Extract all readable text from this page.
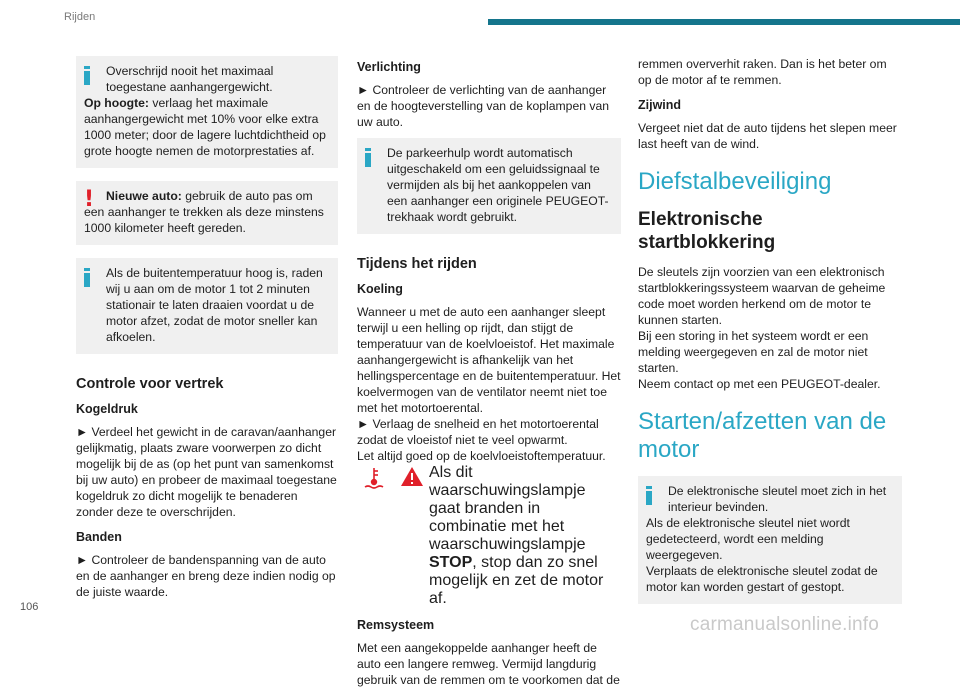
Rijden
Overschrijd nooit het maximaal toegestane aanhangergewicht.
Op hoogte: verlaag het maximale aanhangergewicht met 10% voor elke extra 1000 meter; door de lagere luchtdichtheid op grote hoogte nemen de motorprestaties af.
! Nieuwe auto: gebruik de auto pas om een aanhanger te trekken als deze minstens 1000 kilometer heeft gereden.
Als de buitentemperatuur hoog is, raden wij u aan om de motor 1 tot 2 minuten stationair te laten draaien voordat u de motor afzet, zodat de motor sneller kan afkoelen.
Controle voor vertrek
Kogeldruk

► Verdeel het gewicht in de caravan/aanhanger gelijkmatig, plaats zware voorwerpen zo dicht mogelijk bij de as (op het punt van samenkomst bij uw auto) en probeer de maximaal toegestane kogeldruk zo dicht mogelijk te benaderen zonder deze te overschrijden.

Banden

► Controleer de bandenspanning van de auto en de aanhanger en breng deze indien nodig op de juiste waarde.

Verlichting

► Controleer de verlichting van de aanhanger en de hoogteverstelling van de koplampen van uw auto.

De parkeerhulp wordt automatisch uitgeschakeld om een geluidssignaal te vermijden als bij het aankoppelen van een aanhanger een originele PEUGEOT-trekhaak wordt gebruikt.
Tijdens het rijden
Koeling

Wanneer u met de auto een aanhanger sleept terwijl u een helling op rijdt, dan stijgt de temperatuur van de koelvloeistof. Het maximale aanhangergewicht is afhankelijk van het hellingspercentage en de buitentemperatuur. Het koelvermogen van de ventilator neemt niet toe met het motortoerental.

► Verlaag de snelheid en het motortoerental zodat de vloeistof niet te veel opwarmt.

Let altijd goed op de koelvloeistoftemperatuur.

Als dit waarschuwingslampje gaat branden in combinatie met het waarschuwingslampje STOP, stop dan zo snel mogelijk en zet de motor af.
Remsysteem

Met een aangekoppelde aanhanger heeft de auto een langere remweg. Vermijd langdurig gebruik van de remmen om te voorkomen dat de

remmen oververhit raken. Dan is het beter om op de motor af te remmen.

Zijwind

Vergeet niet dat de auto tijdens het slepen meer last heeft van de wind.

Diefstalbeveiliging
Elektronische startblokkering

De sleutels zijn voorzien van een elektronisch startblokkeringssysteem waarvan de geheime code moet worden herkend om de motor te kunnen starten.

Bij een storing in het systeem wordt er een melding weergegeven en zal de motor niet starten.

Neem contact op met een PEUGEOT-dealer.

Starten/afzetten van de motor
De elektronische sleutel moet zich in het interieur bevinden.
Als de elektronische sleutel niet wordt gedetecteerd, wordt een melding weergegeven.
Verplaats de elektronische sleutel zodat de motor kan worden gestart of gestopt.
106
carmanualsonline.info
